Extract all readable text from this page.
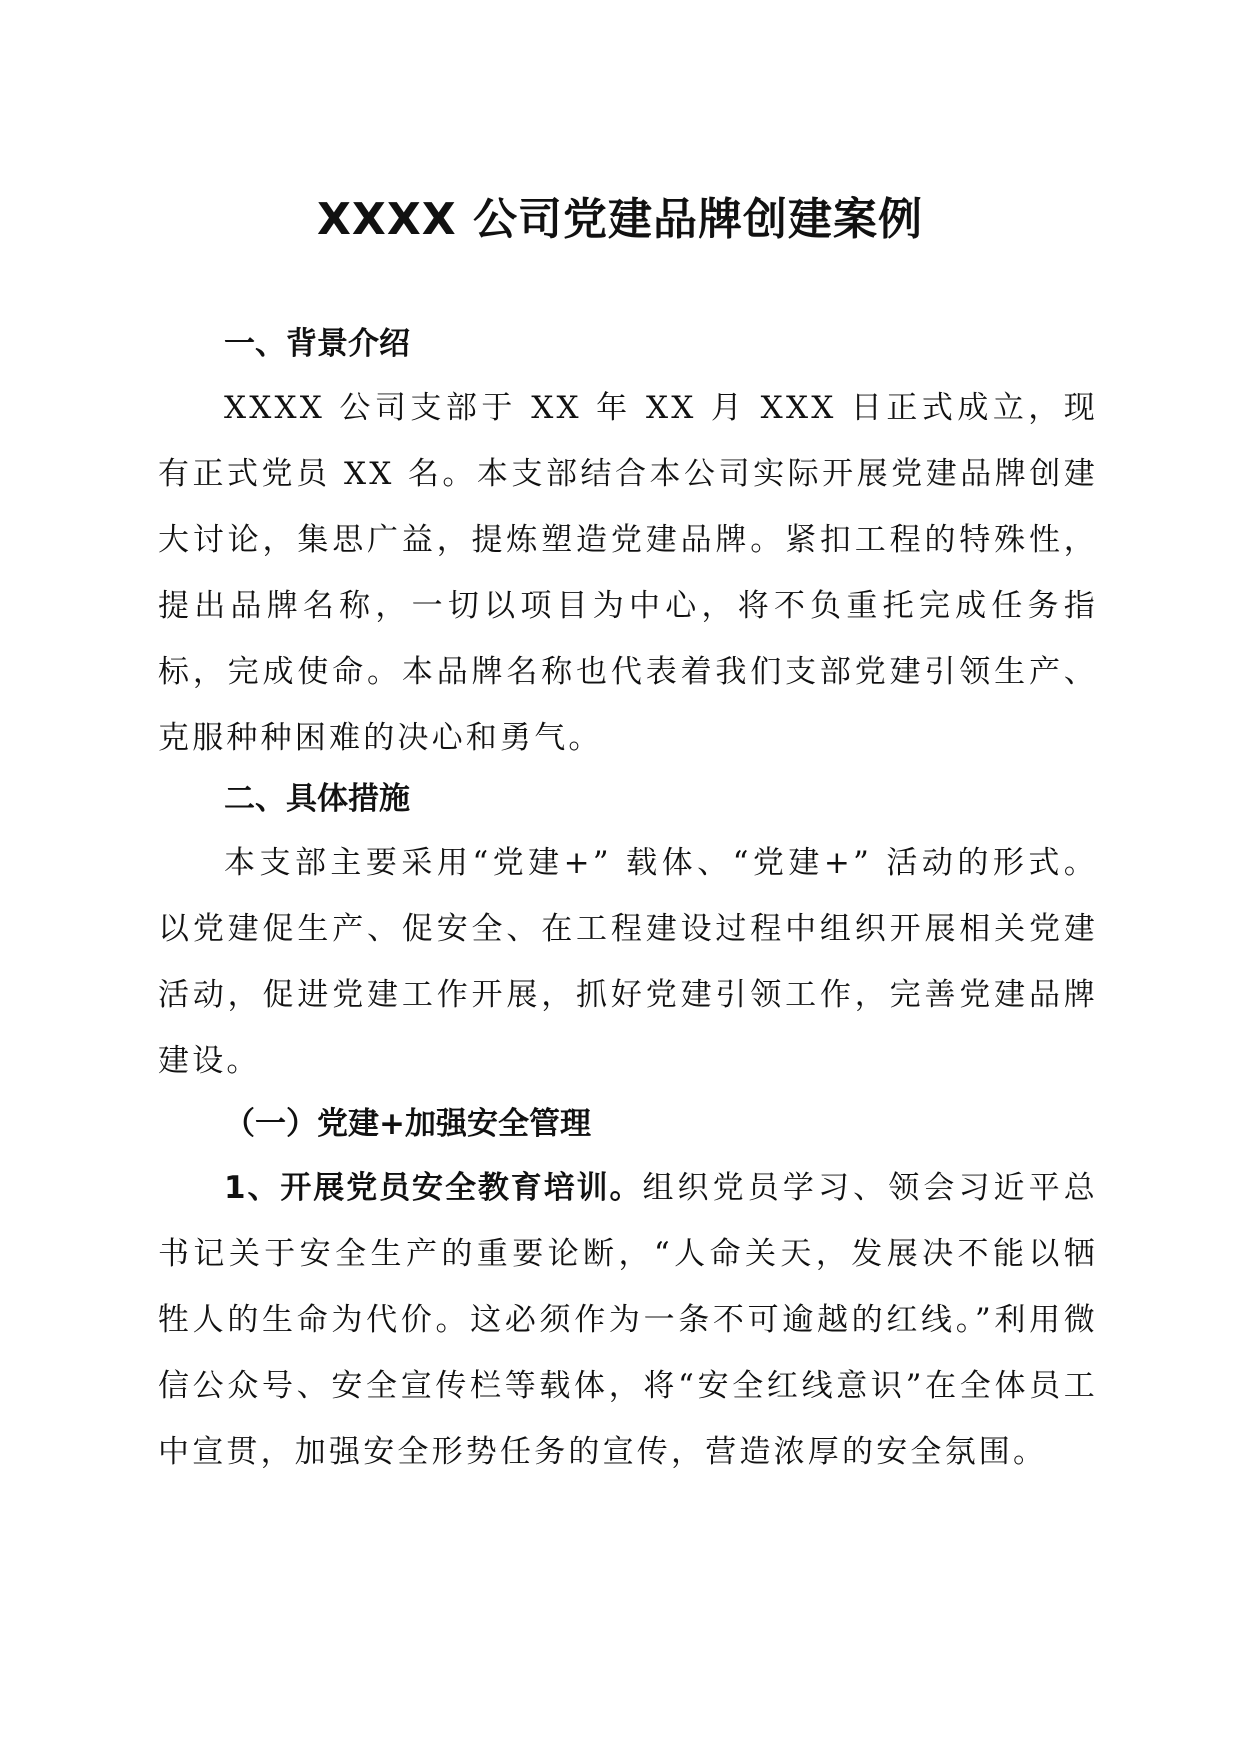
XXXX 公司党建品牌创建案例
一、背景介绍

XXXX 公司支部于 XX 年 XX 月 XXX 日正式成立，现有正式党员 XX 名。本支部结合本公司实际开展党建品牌创建大讨论，集思广益，提炼塑造党建品牌。紧扣工程的特殊性，提出品牌名称，一切以项目为中心，将不负重托完成任务指标，完成使命。本品牌名称也代表着我们支部党建引领生产、克服种种困难的决心和勇气。

二、具体措施

本支部主要采用“党建+” 载体、“党建+” 活动的形式。以党建促生产、促安全、在工程建设过程中组织开展相关党建活动，促进党建工作开展，抓好党建引领工作，完善党建品牌建设。

（一）党建+加强安全管理

1、开展党员安全教育培训。组织党员学习、领会习近平总书记关于安全生产的重要论断，“人命关天，发展决不能以牺牲人的生命为代价。这必须作为一条不可逾越的红线。”利用微信公众号、安全宣传栏等载体，将“安全红线意识”在全体员工中宣贯，加强安全形势任务的宣传，营造浓厚的安全氛围。
